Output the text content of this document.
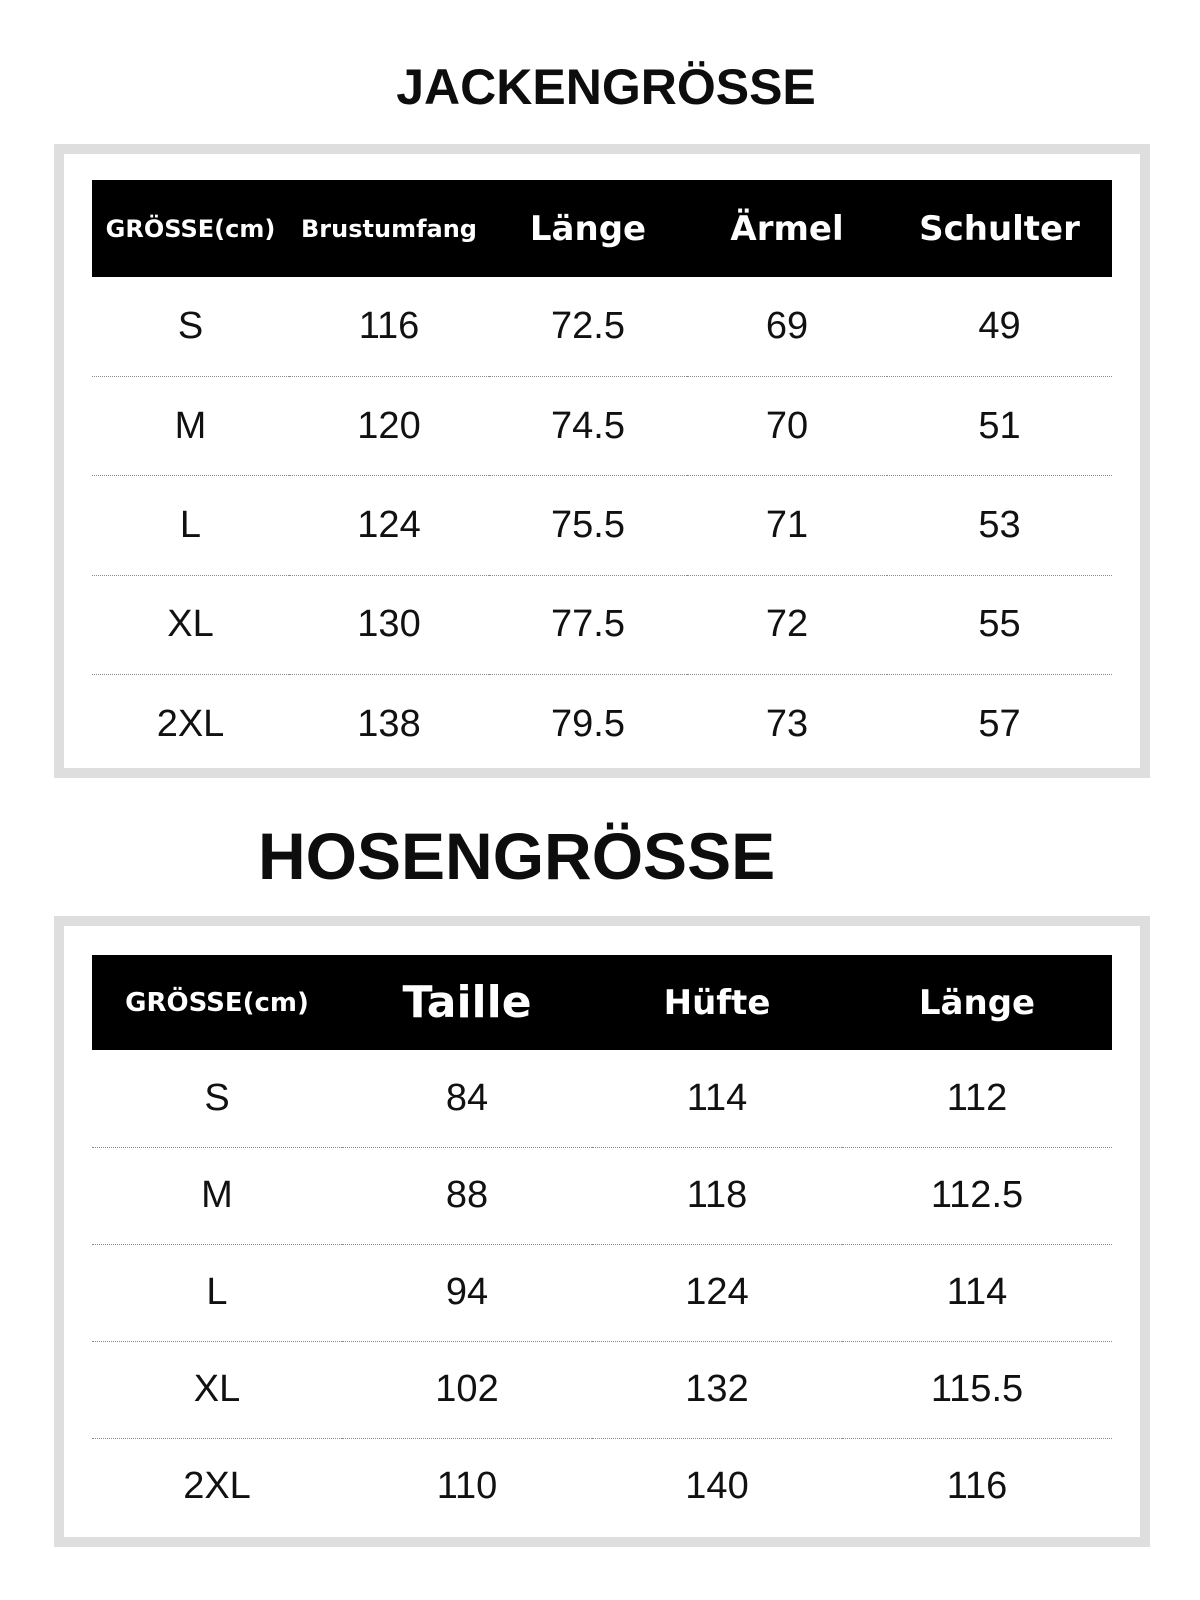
JACKENGRÖSSE
GRÖSSE(cm)	Brustumfang	Länge	Ärmel	Schulter
S	116	72.5	69	49
M	120	74.5	70	51
L	124	75.5	71	53
XL	130	77.5	72	55
2XL	138	79.5	73	57
HOSENGRÖSSE
GRÖSSE(cm)	Taille	Hüfte	Länge
S	84	114	112
M	88	118	112.5
L	94	124	114
XL	102	132	115.5
2XL	110	140	116
